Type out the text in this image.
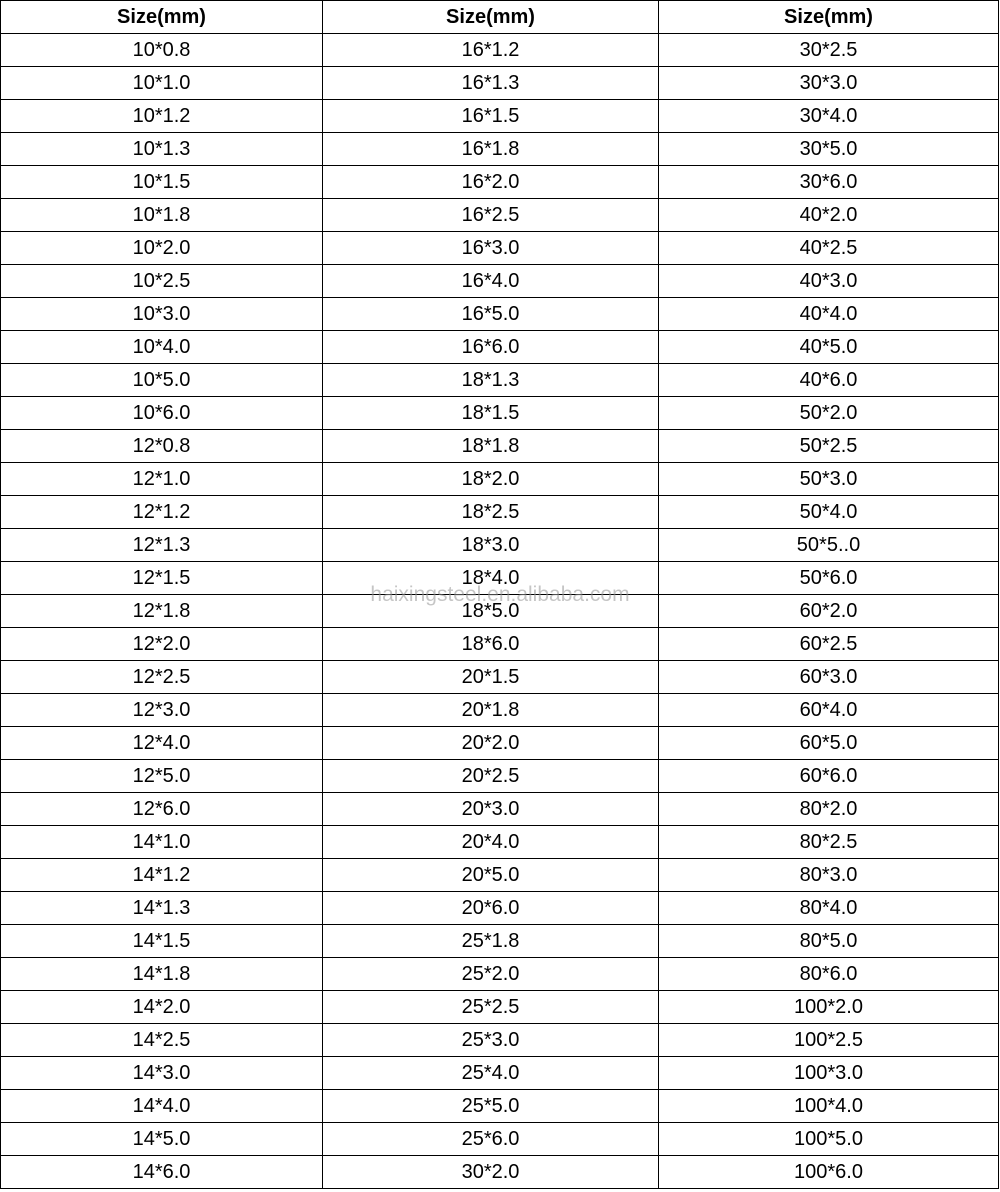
Size(mm)	Size(mm)	Size(mm)
10*0.8	16*1.2	30*2.5
10*1.0	16*1.3	30*3.0
10*1.2	16*1.5	30*4.0
10*1.3	16*1.8	30*5.0
10*1.5	16*2.0	30*6.0
10*1.8	16*2.5	40*2.0
10*2.0	16*3.0	40*2.5
10*2.5	16*4.0	40*3.0
10*3.0	16*5.0	40*4.0
10*4.0	16*6.0	40*5.0
10*5.0	18*1.3	40*6.0
10*6.0	18*1.5	50*2.0
12*0.8	18*1.8	50*2.5
12*1.0	18*2.0	50*3.0
12*1.2	18*2.5	50*4.0
12*1.3	18*3.0	50*5..0
12*1.5	18*4.0	50*6.0
12*1.8	18*5.0	60*2.0
12*2.0	18*6.0	60*2.5
12*2.5	20*1.5	60*3.0
12*3.0	20*1.8	60*4.0
12*4.0	20*2.0	60*5.0
12*5.0	20*2.5	60*6.0
12*6.0	20*3.0	80*2.0
14*1.0	20*4.0	80*2.5
14*1.2	20*5.0	80*3.0
14*1.3	20*6.0	80*4.0
14*1.5	25*1.8	80*5.0
14*1.8	25*2.0	80*6.0
14*2.0	25*2.5	100*2.0
14*2.5	25*3.0	100*2.5
14*3.0	25*4.0	100*3.0
14*4.0	25*5.0	100*4.0
14*5.0	25*6.0	100*5.0
14*6.0	30*2.0	100*6.0
haixingsteel.en.alibaba.com
